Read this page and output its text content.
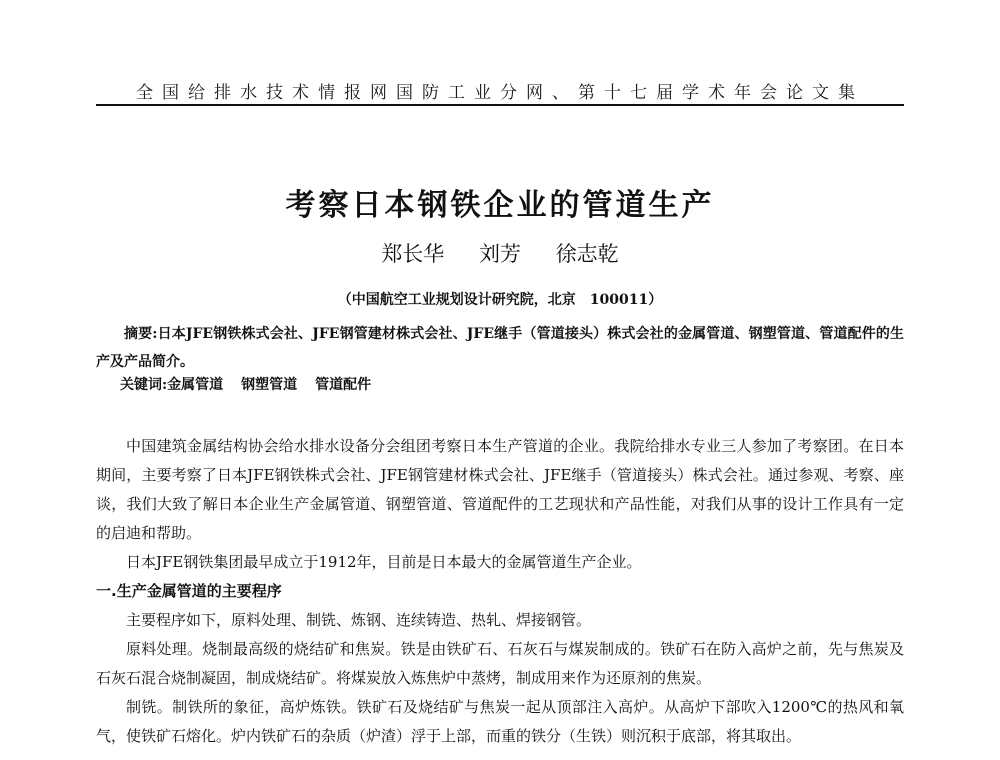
全国给排水技术情报网国防工业分网、第十七届学术年会论文集
考察日本钢铁企业的管道生产
郑长华 刘芳 徐志乾
（中国航空工业规划设计研究院，北京　100011）
摘要:日本JFE钢铁株式会社、JFE钢管建材株式会社、JFE继手（管道接头）株式会社的金属管道、钢塑管道、管道配件的生产及产品简介。
关键词:金属管道 钢塑管道 管道配件

中国建筑金属结构协会给水排水设备分会组团考察日本生产管道的企业。我院给排水专业三人参加了考察团。在日本期间，主要考察了日本JFE钢铁株式会社、JFE钢管建材株式会社、JFE继手（管道接头）株式会社。通过参观、考察、座谈，我们大致了解日本企业生产金属管道、钢塑管道、管道配件的工艺现状和产品性能，对我们从事的设计工作具有一定的启迪和帮助。

日本JFE钢铁集团最早成立于1912年，目前是日本最大的金属管道生产企业。

一.生产金属管道的主要程序

主要程序如下，原料处理、制铣、炼钢、连续铸造、热轧、焊接钢管。

原料处理。烧制最高级的烧结矿和焦炭。铁是由铁矿石、石灰石与煤炭制成的。铁矿石在防入高炉之前，先与焦炭及石灰石混合烧制凝固，制成烧结矿。将煤炭放入炼焦炉中蒸烤，制成用来作为还原剂的焦炭。

制铣。制铁所的象征，高炉炼铁。铁矿石及烧结矿与焦炭一起从顶部注入高炉。从高炉下部吹入1200℃的热风和氧气，使铁矿石熔化。炉内铁矿石的杂质（炉渣）浮于上部，而重的铁分（生铁）则沉积于底部，将其取出。
